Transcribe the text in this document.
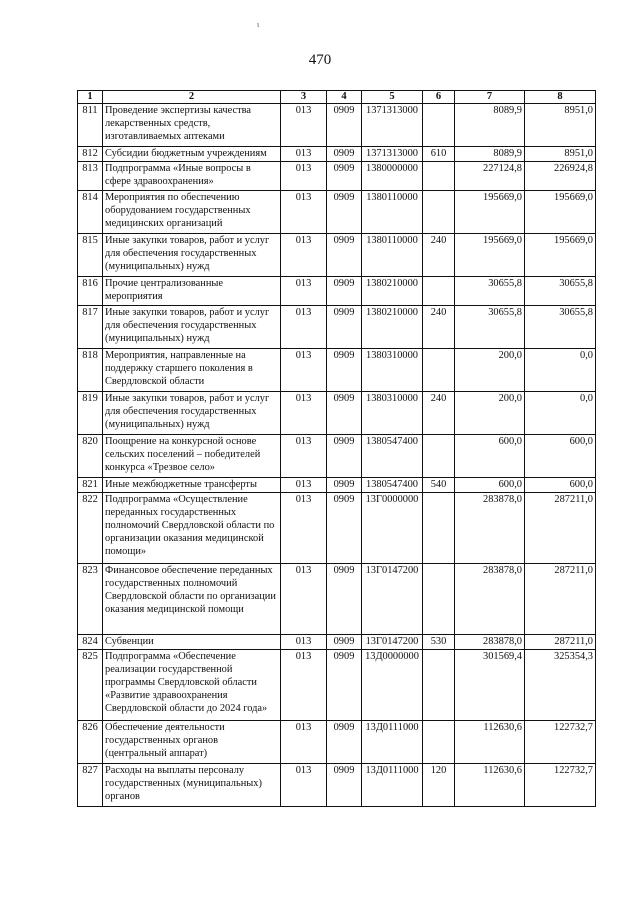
ι
470
1	2	3	4	5	6	7	8
811	Проведение экспертизы качества лекарственных средств, изготавливаемых аптеками	013	0909	1371313000		8089,9	8951,0
812	Субсидии бюджетным учреждениям	013	0909	1371313000	610	8089,9	8951,0
813	Подпрограмма «Иные вопросы в сфере здравоохранения»	013	0909	1380000000		227124,8	226924,8
814	Мероприятия по обеспечению оборудованием государственных медицинских организаций	013	0909	1380110000		195669,0	195669,0
815	Иные закупки товаров, работ и услуг для обеспечения государственных (муниципальных) нужд	013	0909	1380110000	240	195669,0	195669,0
816	Прочие централизованные мероприятия	013	0909	1380210000		30655,8	30655,8
817	Иные закупки товаров, работ и услуг для обеспечения государственных (муниципальных) нужд	013	0909	1380210000	240	30655,8	30655,8
818	Мероприятия, направленные на поддержку старшего поколения в Свердловской области	013	0909	1380310000		200,0	0,0
819	Иные закупки товаров, работ и услуг для обеспечения государственных (муниципальных) нужд	013	0909	1380310000	240	200,0	0,0
820	Поощрение на конкурсной основе сельских поселений – победителей конкурса «Трезвое село»	013	0909	1380547400		600,0	600,0
821	Иные межбюджетные трансферты	013	0909	1380547400	540	600,0	600,0
822	Подпрограмма «Осуществление переданных государственных полномочий Свердловской области по организации оказания медицинской помощи»	013	0909	13Г0000000		283878,0	287211,0
823	Финансовое обеспечение переданных государственных полномочий Свердловской области по организации оказания медицинской помощи	013	0909	13Г0147200		283878,0	287211,0
824	Субвенции	013	0909	13Г0147200	530	283878,0	287211,0
825	Подпрограмма «Обеспечение реализации государственной программы Свердловской области «Развитие здравоохранения Свердловской области до 2024 года»	013	0909	13Д0000000		301569,4	325354,3
826	Обеспечение деятельности государственных органов (центральный аппарат)	013	0909	13Д0111000		112630,6	122732,7
827	Расходы на выплаты персоналу государственных (муниципальных) органов	013	0909	13Д0111000	120	112630,6	122732,7
